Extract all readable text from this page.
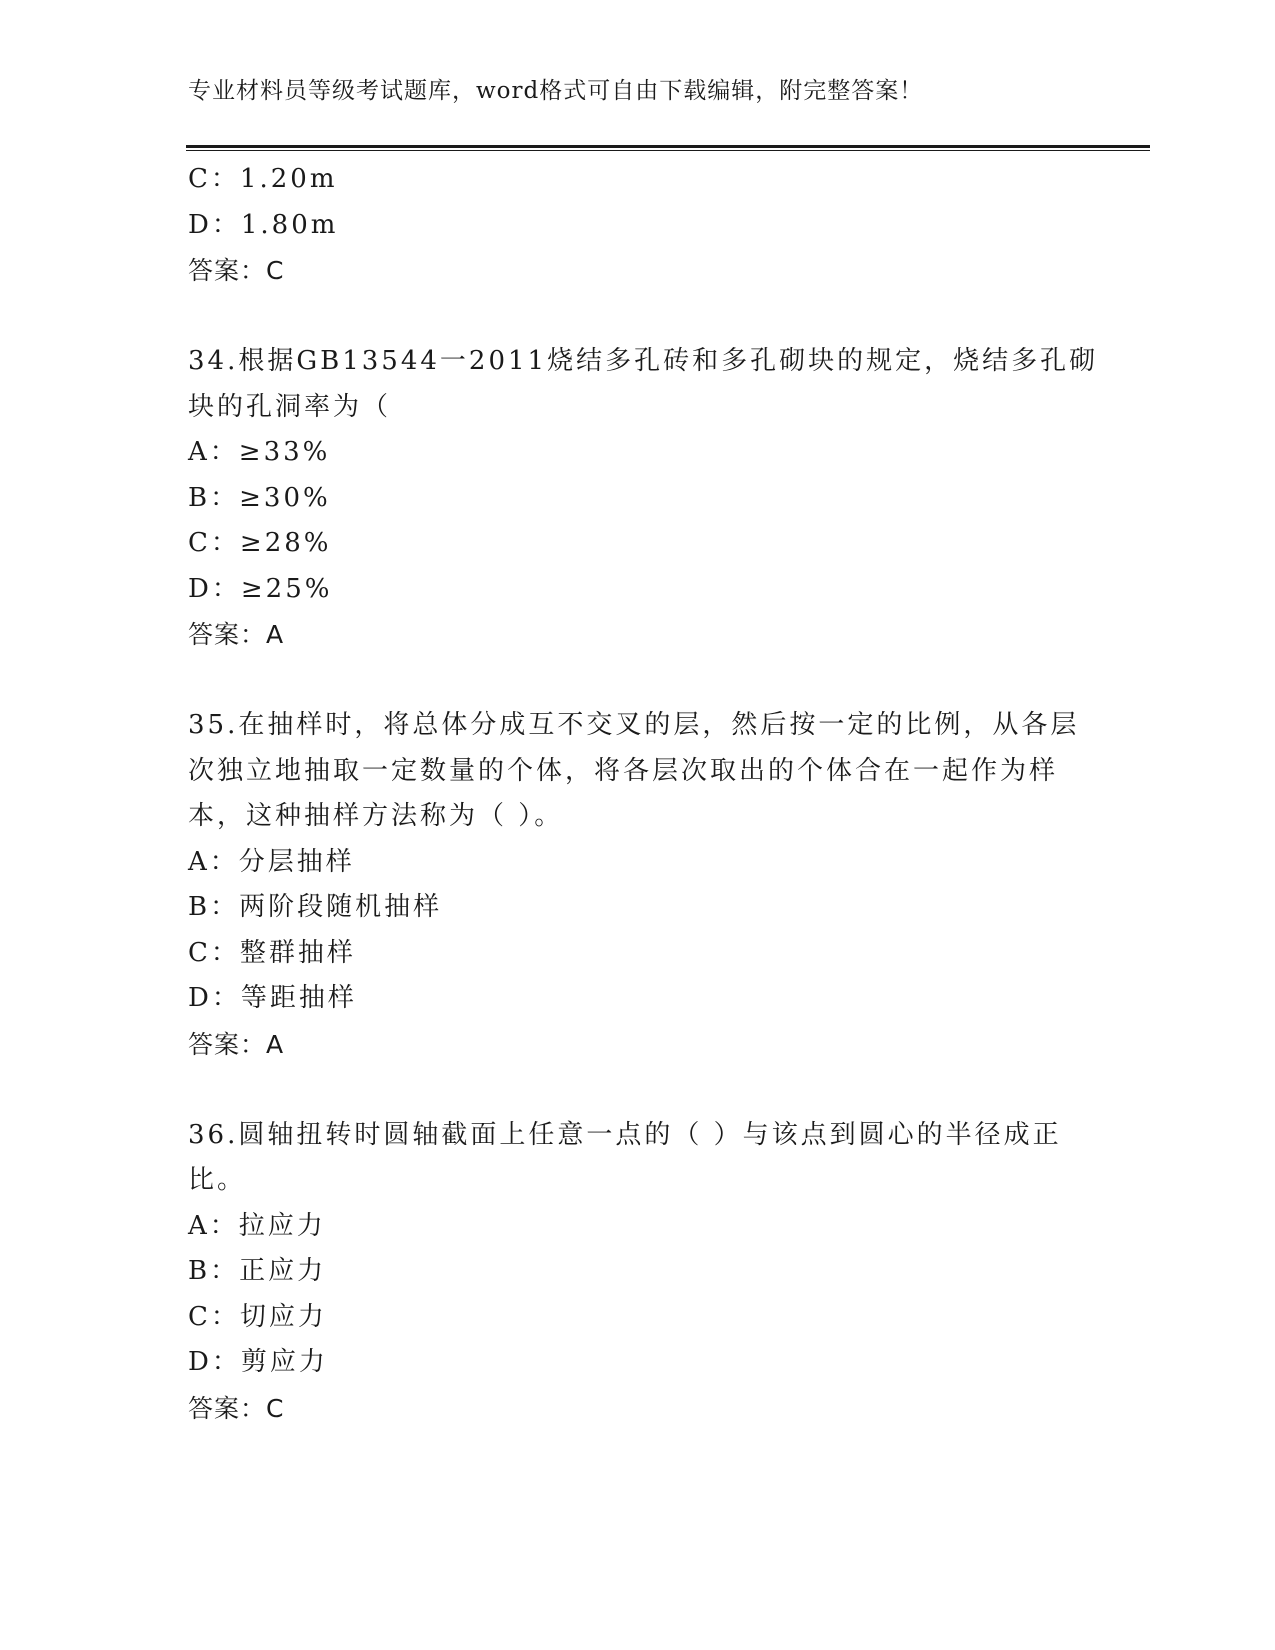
专业材料员等级考试题库，word格式可自由下载编辑，附完整答案！
C：1.20m
D：1.80m
答案：C
34.根据GB13544一2011烧结多孔砖和多孔砌块的规定，烧结多孔砌
块的孔洞率为（
A：≥33%
B：≥30%
C：≥28%
D：≥25%
答案：A
35.在抽样时，将总体分成互不交叉的层，然后按一定的比例，从各层
次独立地抽取一定数量的个体，将各层次取出的个体合在一起作为样
本，这种抽样方法称为（ ）。
A：分层抽样
B：两阶段随机抽样
C：整群抽样
D：等距抽样
答案：A
36.圆轴扭转时圆轴截面上任意一点的（ ）与该点到圆心的半径成正
比。
A：拉应力
B：正应力
C：切应力
D：剪应力
答案：C
